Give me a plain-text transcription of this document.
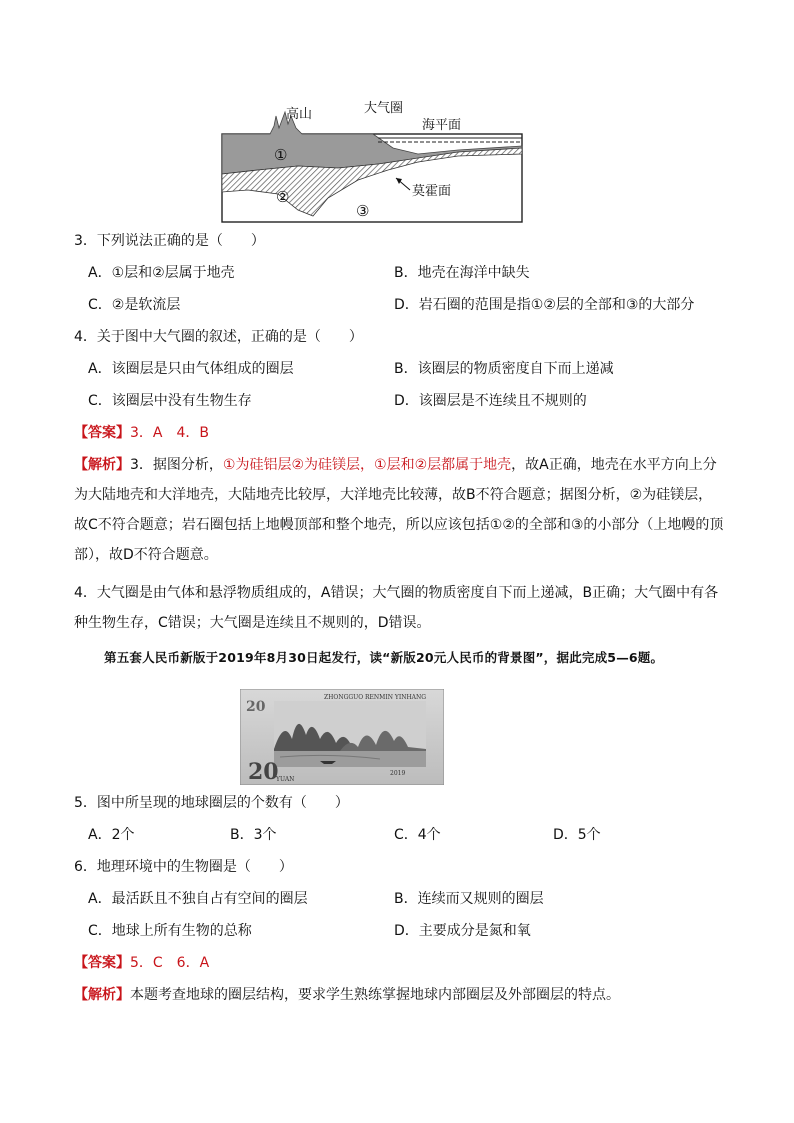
高山	大气圈
海平面
莫霍面
①
②
③
3．下列说法正确的是（　　）
A．①层和②层属于地壳	B．地壳在海洋中缺失
C．②是软流层	D．岩石圈的范围是指①②层的全部和③的大部分
4．关于图中大气圈的叙述，正确的是（　　）
A．该圈层是只由气体组成的圈层	B．该圈层的物质密度自下而上递减
C．该圈层中没有生物生存	D．该圈层是不连续且不规则的
【答案】3．A　4．B
【解析】3．据图分析，①为硅铝层②为硅镁层，①层和②层都属于地壳，故A正确，地壳在水平方向上分为大陆地壳和大洋地壳，大陆地壳比较厚，大洋地壳比较薄，故B不符合题意；据图分析，②为硅镁层，故C不符合题意；岩石圈包括上地幔顶部和整个地壳，所以应该包括①②的全部和③的小部分（上地幔的顶部），故D不符合题意。
4．大气圈是由气体和悬浮物质组成的，A错误；大气圈的物质密度自下而上递减，B正确；大气圈中有各种生物生存，C错误；大气圈是连续且不规则的，D错误。
第五套人民币新版于2019年8月30日起发行，读“新版20元人民币的背景图”，据此完成5—6题。
20
ZHONGGUO RENMIN YINHANG
20
YUAN
2019
5．图中所呈现的地球圈层的个数有（　　）
A．2个	B．3个	C．4个	D．5个
6．地理环境中的生物圈是（　　）
A．最活跃且不独自占有空间的圈层	B．连续而又规则的圈层
C．地球上所有生物的总称	D．主要成分是氮和氧
【答案】5．C　6．A
【解析】本题考查地球的圈层结构，要求学生熟练掌握地球内部圈层及外部圈层的特点。
